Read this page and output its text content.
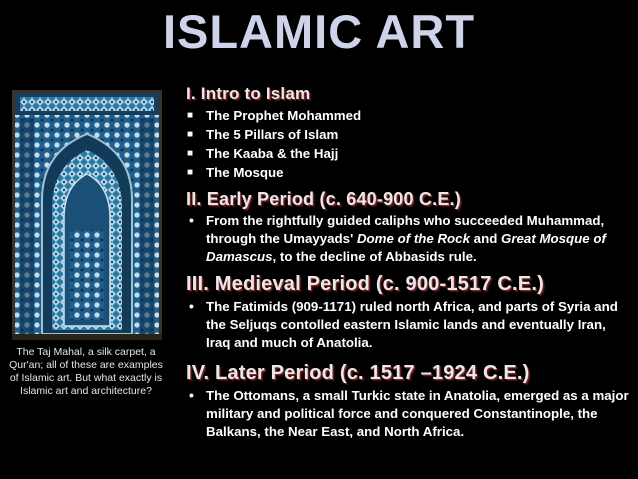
ISLAMIC ART
The Taj Mahal, a silk carpet, a Qur'an; all of these are examples of Islamic art. But what exactly is Islamic art and architecture?
I. Intro to Islam
■ The Prophet Mohammed
■ The 5 Pillars of Islam
■ The Kaaba & the Hajj
■ The Mosque
II. Early Period (c. 640-900 C.E.)
• From the rightfully guided caliphs who succeeded Muhammad, through the Umayyads' Dome of the Rock and Great Mosque of Damascus, to the decline of Abbasids rule.
III. Medieval Period (c. 900-1517 C.E.)
• The Fatimids (909-1171) ruled north Africa, and parts of Syria and the Seljuqs contolled eastern Islamic lands and eventually Iran, Iraq and much of Anatolia.
IV. Later Period (c. 1517 –1924 C.E.)
• The Ottomans, a small Turkic state in Anatolia, emerged as a major military and political force and conquered Constantinople, the Balkans, the Near East, and North Africa.
